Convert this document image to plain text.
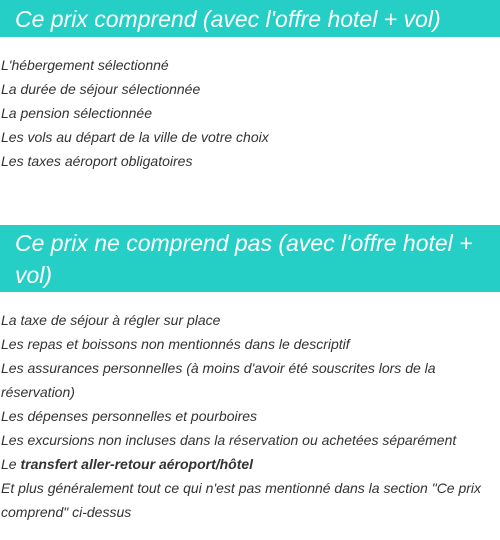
Ce prix comprend (avec l'offre hotel + vol)
L'hébergement sélectionné
La durée de séjour sélectionnée
La pension sélectionnée
Les vols au départ de la ville de votre choix
Les taxes aéroport obligatoires
Ce prix ne comprend pas (avec l'offre hotel + vol)
La taxe de séjour à régler sur place
Les repas et boissons non mentionnés dans le descriptif
Les assurances personnelles (à moins d'avoir été souscrites lors de la réservation)
Les dépenses personnelles et pourboires
Les excursions non incluses dans la réservation ou achetées séparément
Le transfert aller-retour aéroport/hôtel
Et plus généralement tout ce qui n'est pas mentionné dans la section "Ce prix comprend" ci-dessus
